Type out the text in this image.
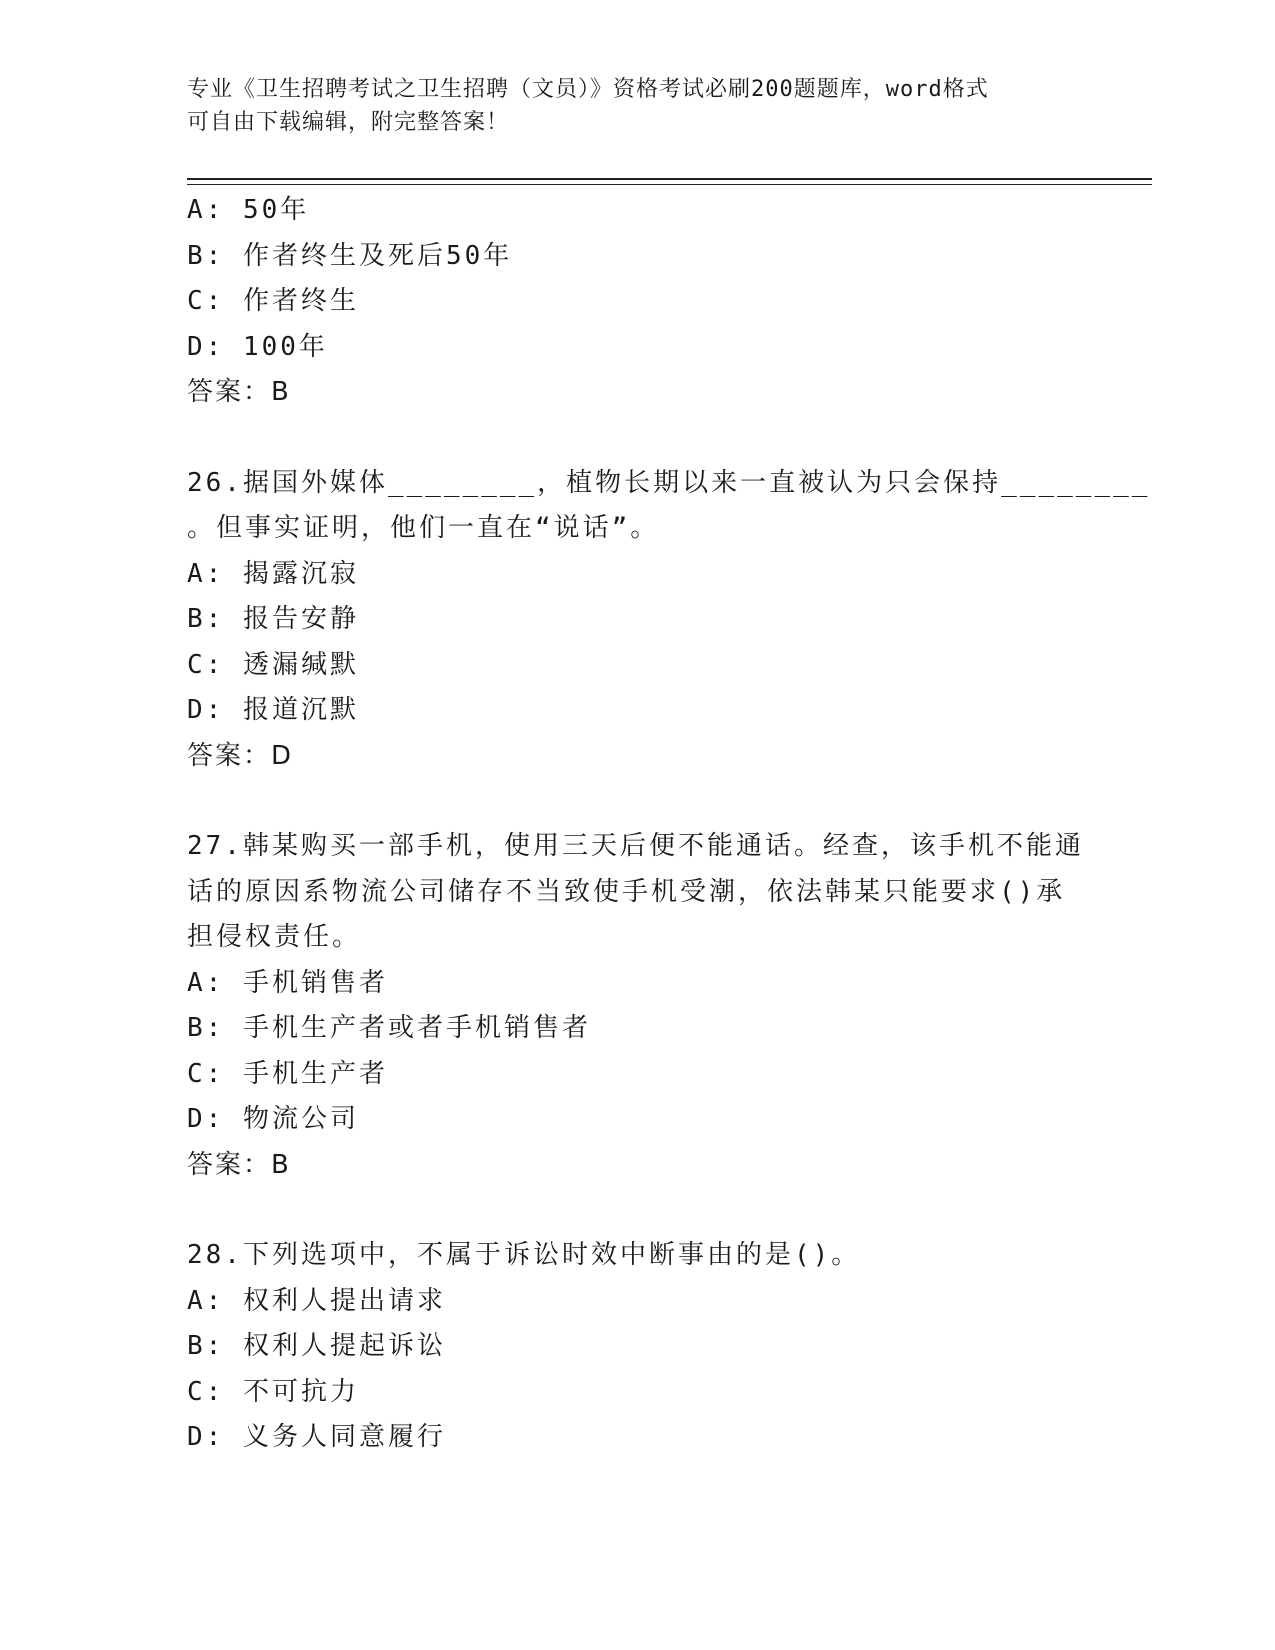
专业《卫生招聘考试之卫生招聘（文员）》资格考试必刷200题题库，word格式
可自由下载编辑，附完整答案！
A: 50年
B: 作者终生及死后50年
C: 作者终生
D: 100年
答案：B
26.据国外媒体________，植物长期以来一直被认为只会保持________
。但事实证明，他们一直在“说话”。
A: 揭露沉寂
B: 报告安静
C: 透漏缄默
D: 报道沉默
答案：D
27.韩某购买一部手机，使用三天后便不能通话。经查，该手机不能通
话的原因系物流公司储存不当致使手机受潮，依法韩某只能要求()承
担侵权责任。
A: 手机销售者
B: 手机生产者或者手机销售者
C: 手机生产者
D: 物流公司
答案：B
28.下列选项中，不属于诉讼时效中断事由的是()。
A: 权利人提出请求
B: 权利人提起诉讼
C: 不可抗力
D: 义务人同意履行
